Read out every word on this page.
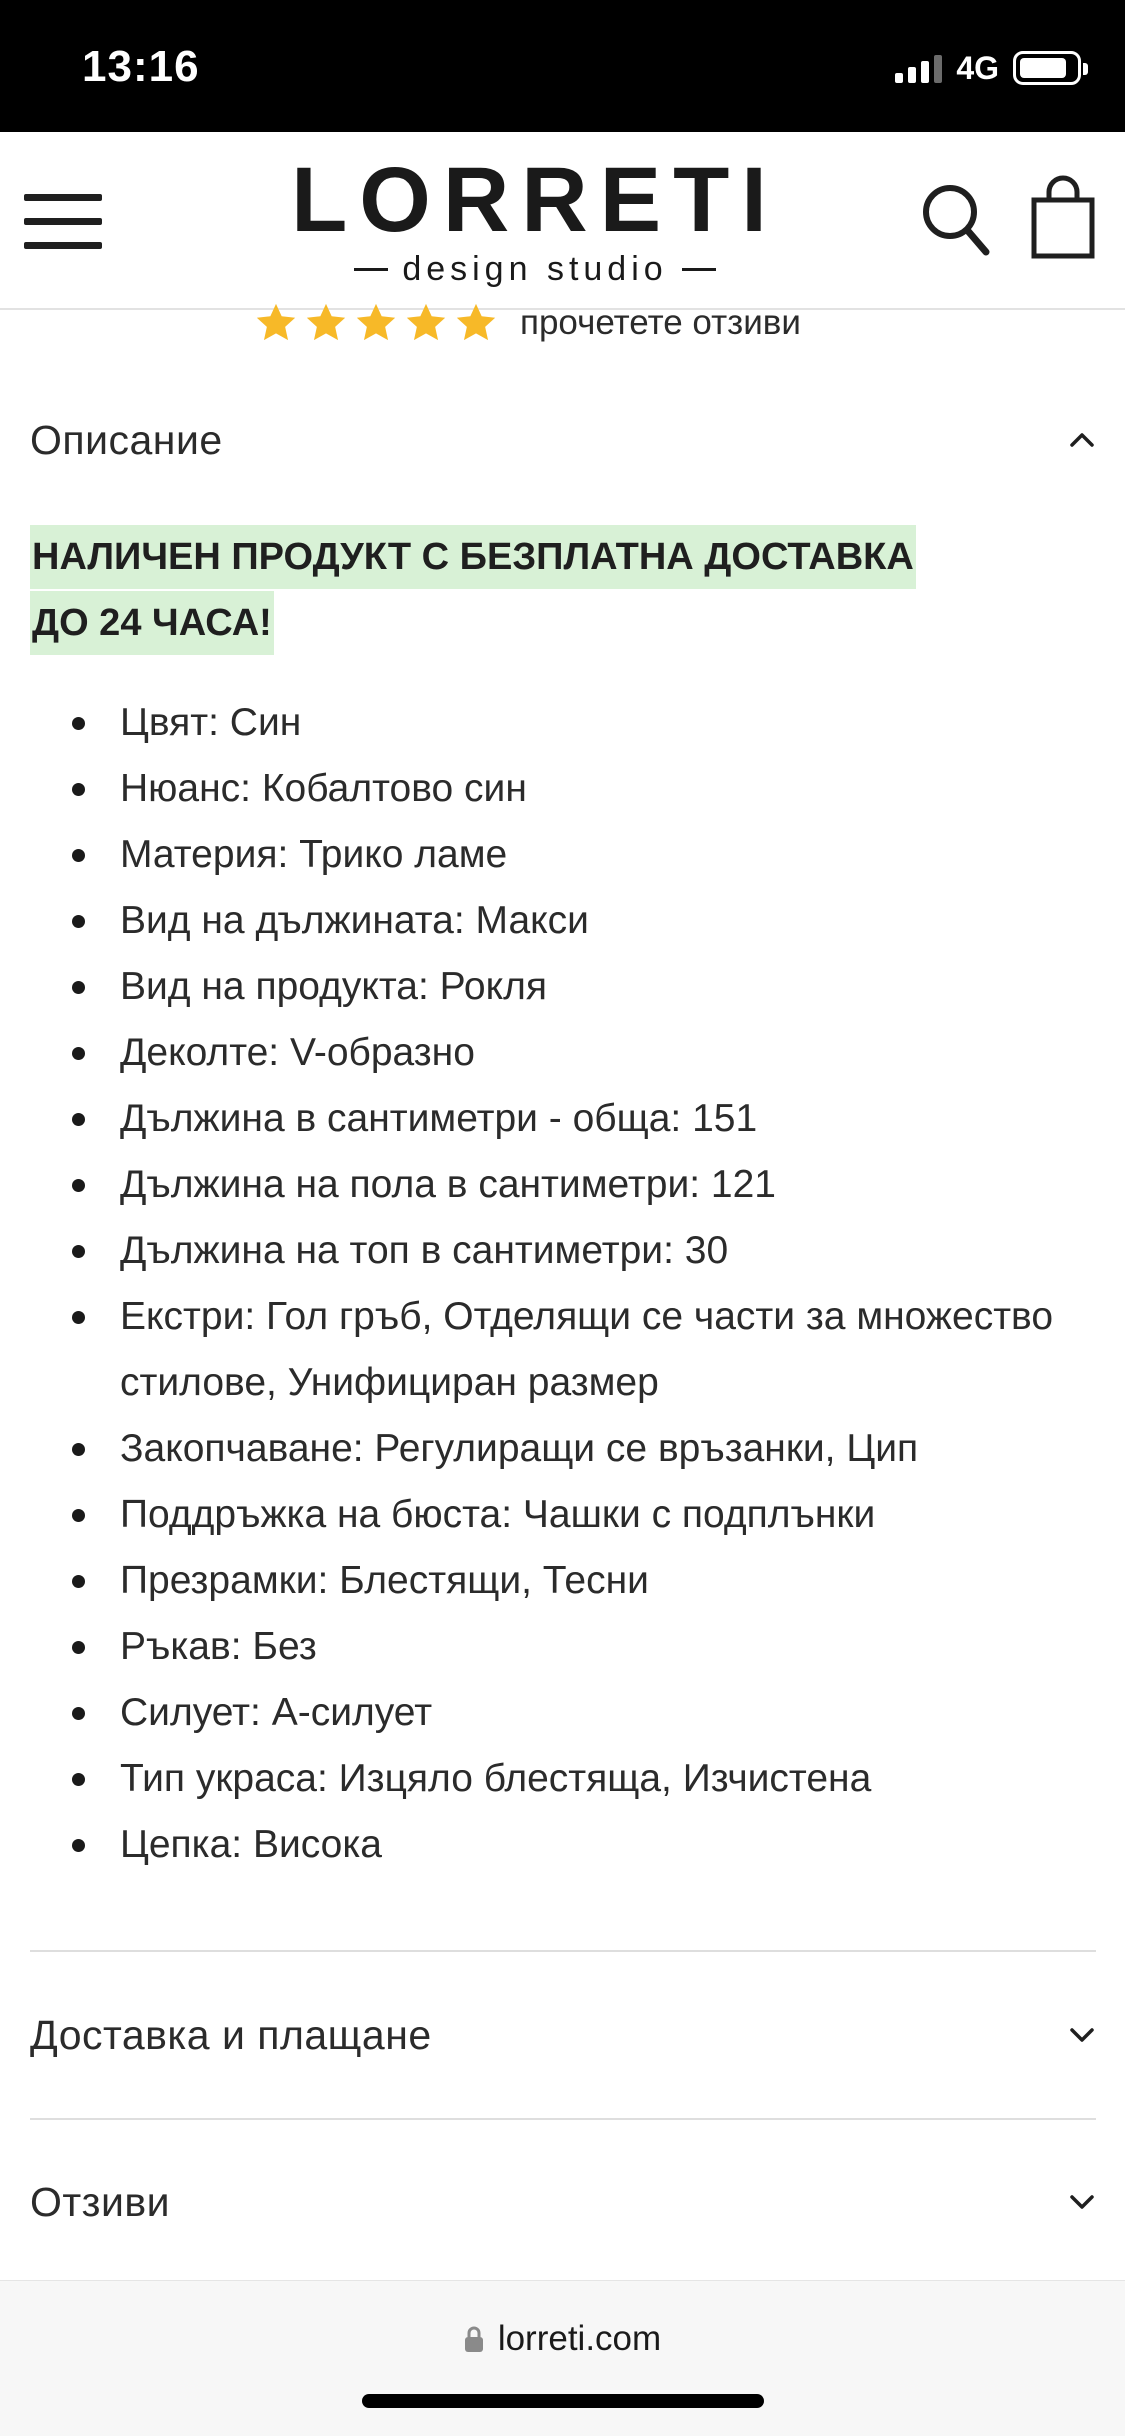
13:16	4G
LORRETI
design studio
прочетете отзиви
Описание
НАЛИЧЕН ПРОДУКТ С БЕЗПЛАТНА ДОСТАВКА
ДО 24 ЧАСА!
Цвят: Син
Нюанс: Кобалтово син
Материя: Трико ламе
Вид на дължината: Макси
Вид на продукта: Рокля
Деколте: V-образно
Дължина в сантиметри - обща: 151
Дължина на пола в сантиметри: 121
Дължина на топ в сантиметри: 30
Екстри: Гол гръб, Отделящи се части за множество стилове, Унифициран размер
Закопчаване: Регулиращи се връзанки, Цип
Поддръжка на бюста: Чашки с подплънки
Презрамки: Блестящи, Тесни
Ръкав: Без
Силует: А-силует
Тип украса: Изцяло блестяща, Изчистена
Цепка: Висока
Доставка и плащане
Отзиви
lorreti.com
